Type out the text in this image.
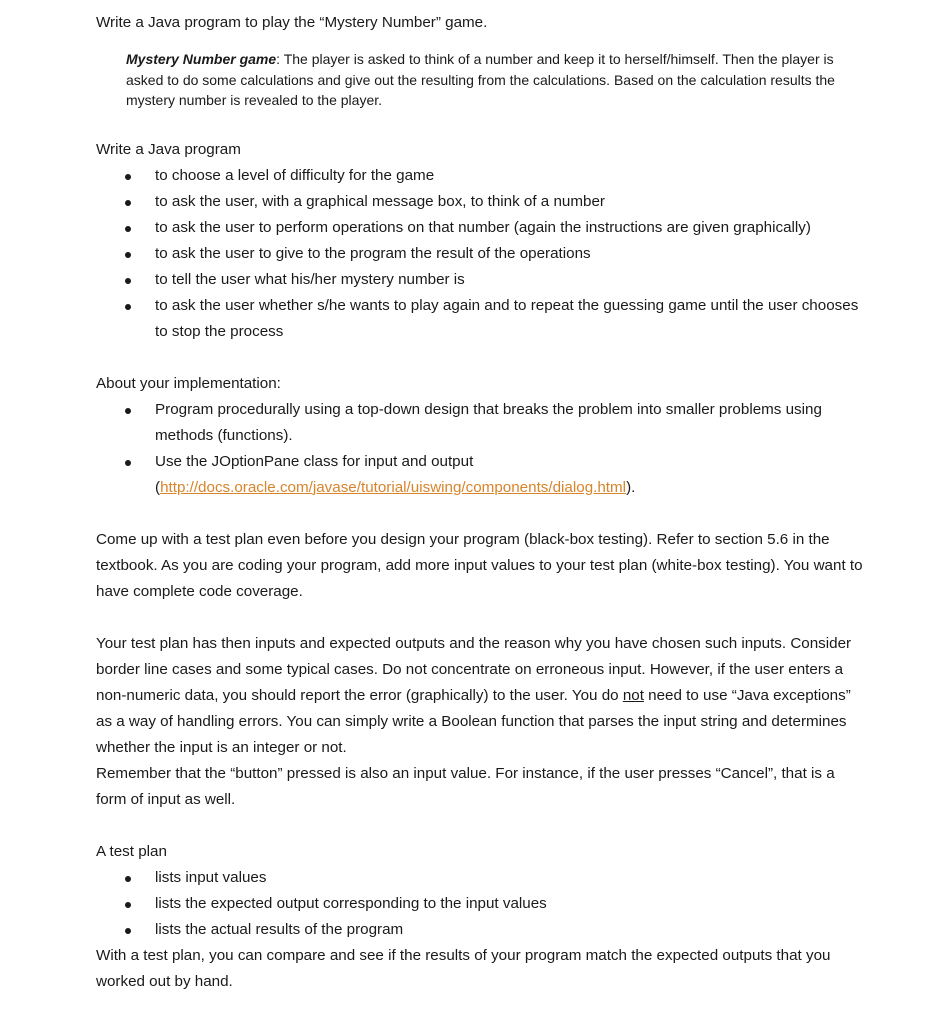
Write a Java program to play the “Mystery Number” game.

Mystery Number game: The player is asked to think of a number and keep it to herself/himself. Then the player is asked to do some calculations and give out the resulting from the calculations. Based on the calculation results the mystery number is revealed to the player.

Write a Java program

to choose a level of difficulty for the game
to ask the user, with a graphical message box, to think of a number
to ask the user to perform operations on that number (again the instructions are given graphically)
to ask the user to give to the program the result of the operations
to tell the user what his/her mystery number is
to ask the user whether s/he wants to play again and to repeat the guessing game until the user chooses to stop the process

About your implementation:

Program procedurally using a top-down design that breaks the problem into smaller problems using methods (functions).
Use the JOptionPane class for input and output
(http://docs.oracle.com/javase/tutorial/uiswing/components/dialog.html).

Come up with a test plan even before you design your program (black-box testing). Refer to section 5.6 in the textbook. As you are coding your program, add more input values to your test plan (white-box testing). You want to have complete code coverage.

Your test plan has then inputs and expected outputs and the reason why you have chosen such inputs. Consider border line cases and some typical cases. Do not concentrate on erroneous input. However, if the user enters a non-numeric data, you should report the error (graphically) to the user. You do not need to use “Java exceptions” as a way of handling errors. You can simply write a Boolean function that parses the input string and determines whether the input is an integer or not.

Remember that the “button” pressed is also an input value. For instance, if the user presses “Cancel”, that is a form of input as well.

A test plan

lists input values
lists the expected output corresponding to the input values
lists the actual results of the program

With a test plan, you can compare and see if the results of your program match the expected outputs that you worked out by hand.
